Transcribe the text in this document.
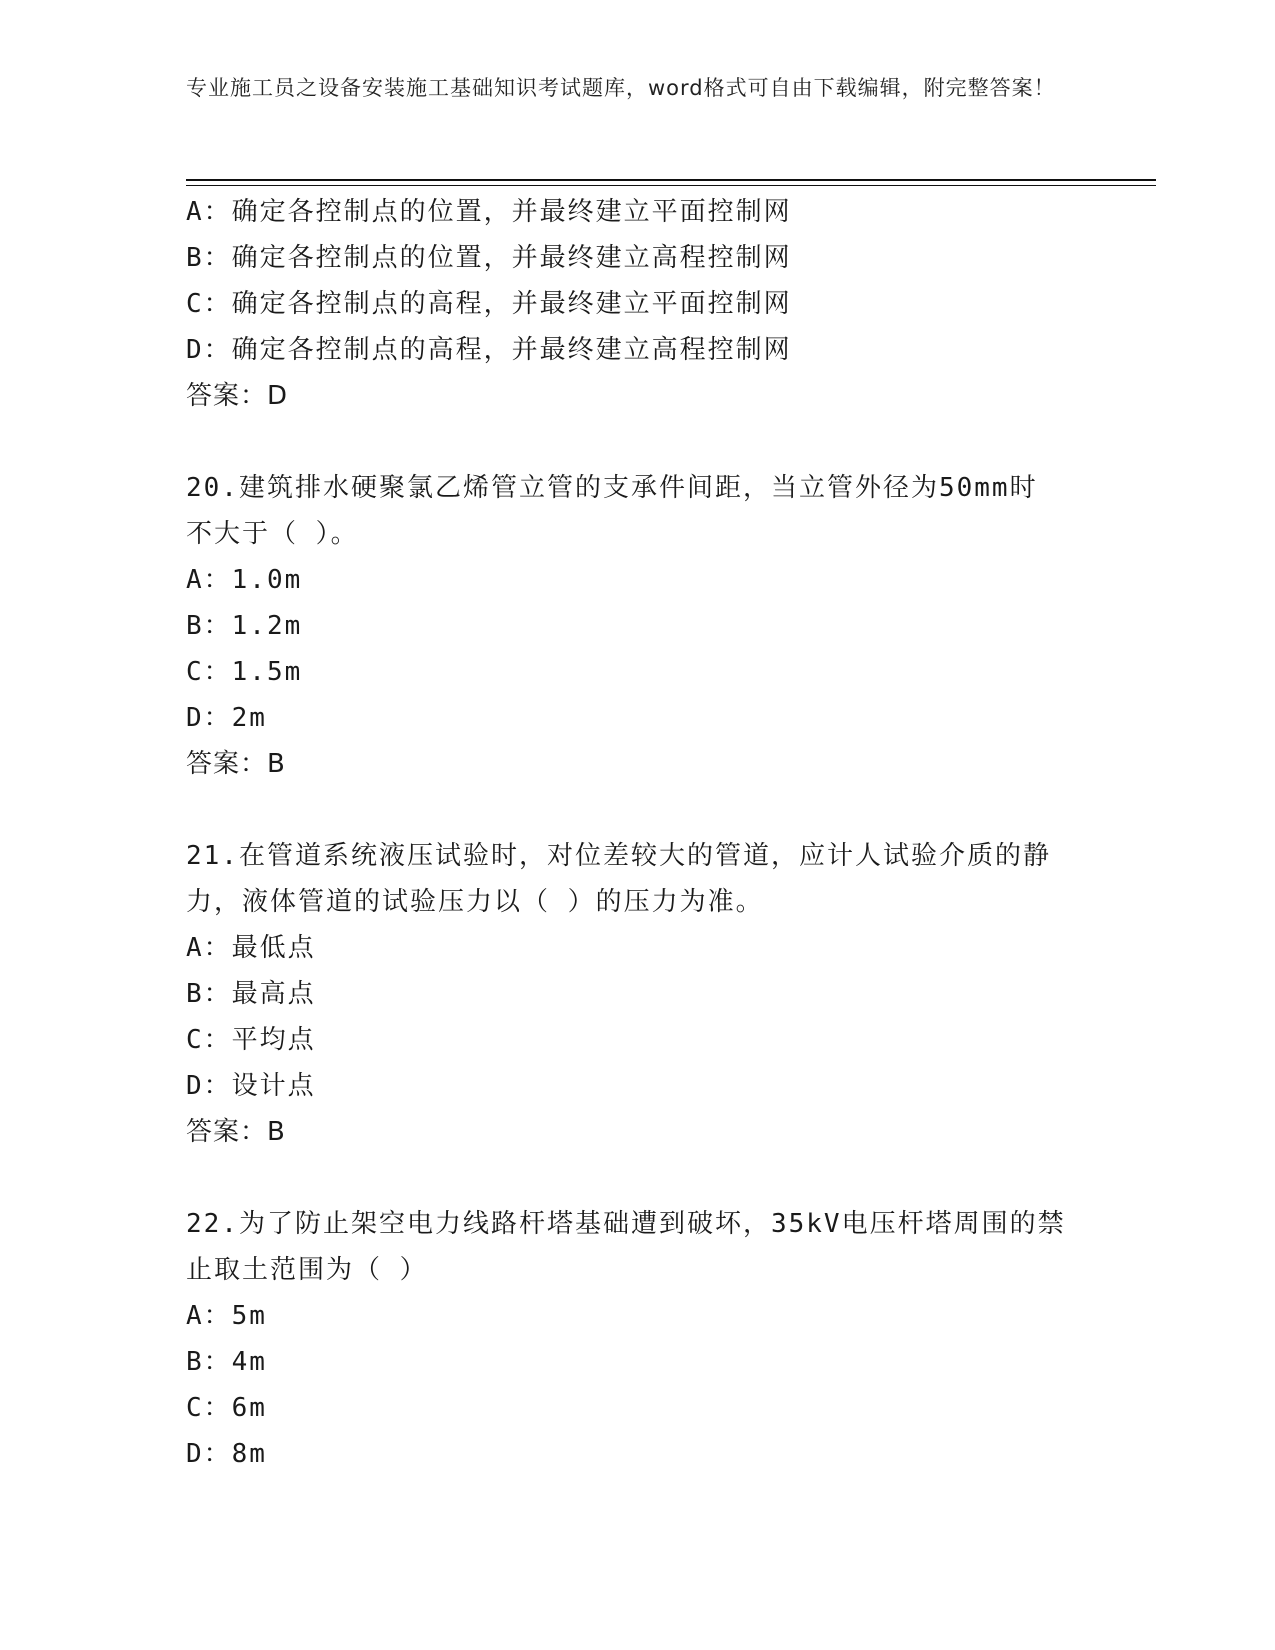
专业施工员之设备安装施工基础知识考试题库，word格式可自由下载编辑，附完整答案！
A：确定各控制点的位置，并最终建立平面控制网
B：确定各控制点的位置，并最终建立高程控制网
C：确定各控制点的高程，并最终建立平面控制网
D：确定各控制点的高程，并最终建立高程控制网
答案：D
20.建筑排水硬聚氯乙烯管立管的支承件间距，当立管外径为50mm时
不大于（ ）。
A：1.0m
B：1.2m
C：1.5m
D：2m
答案：B
21.在管道系统液压试验时，对位差较大的管道，应计人试验介质的静
力，液体管道的试验压力以（ ）的压力为准。
A：最低点
B：最高点
C：平均点
D：设计点
答案：B
22.为了防止架空电力线路杆塔基础遭到破坏，35kV电压杆塔周围的禁
止取土范围为（ ）
A：5m
B：4m
C：6m
D：8m
